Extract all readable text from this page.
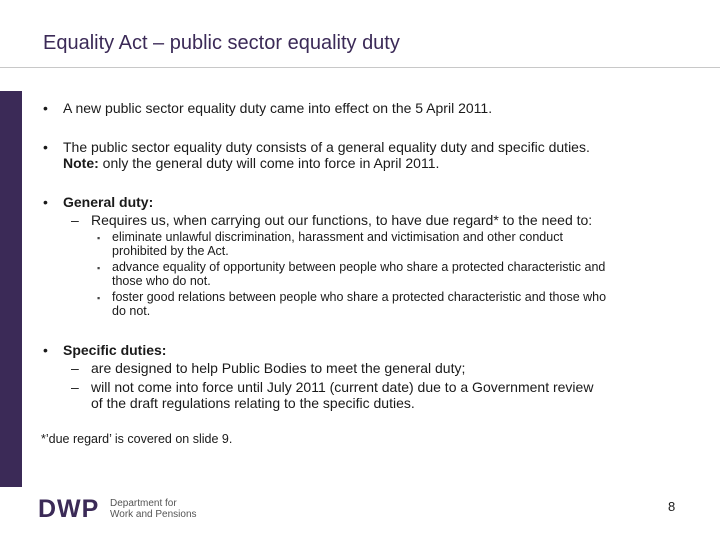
Equality Act – public sector equality duty
• A new public sector equality duty came into effect on the 5 April 2011.
• The public sector equality duty consists of a general equality duty and specific duties.
Note: only the general duty will come into force in April 2011.
• General duty:
– Requires us, when carrying out our functions, to have due regard* to the need to:
▪ eliminate unlawful discrimination, harassment and victimisation and other conduct
prohibited by the Act.
▪ advance equality of opportunity between people who share a protected characteristic and
those who do not.
▪ foster good relations between people who share a protected characteristic and those who
do not.
• Specific duties:
– are designed to help Public Bodies to meet the general duty;
– will not come into force until July 2011 (current date) due to a Government review
of the draft regulations relating to the specific duties.
*’due regard’ is covered on slide 9.
DWP Department for
Work and Pensions
8
